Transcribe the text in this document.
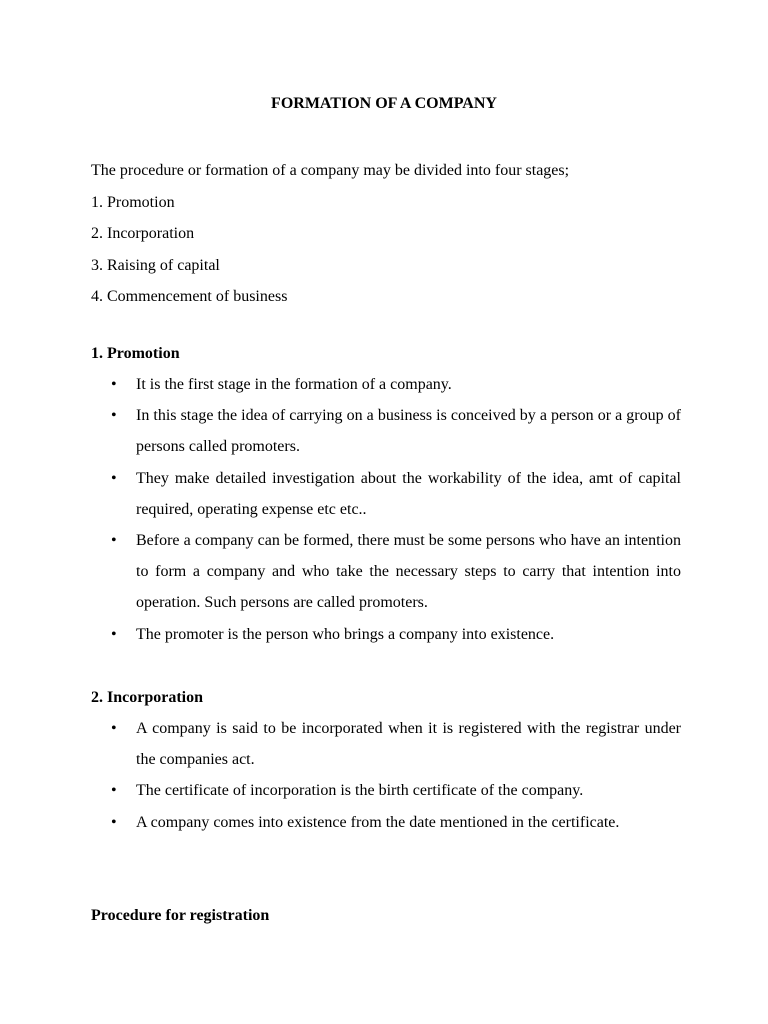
FORMATION OF A COMPANY

The procedure or formation of a company may be divided into four stages;

1. Promotion

2. Incorporation

3. Raising of capital

4. Commencement of business

1. Promotion
• It is the first stage in the formation of a company.
• In this stage the idea of carrying on a business is conceived by a person or a group of persons called promoters.
• They make detailed investigation about the workability of the idea, amt of capital required, operating expense etc etc..
• Before a company can be formed, there must be some persons who have an intention to form a company and who take the necessary steps to carry that intention into operation. Such persons are called promoters.
• The promoter is the person who brings a company into existence.
2. Incorporation
• A company is said to be incorporated when it is registered with the registrar under the companies act.
• The certificate of incorporation is the birth certificate of the company.
• A company comes into existence from the date mentioned in the certificate.
Procedure for registration
